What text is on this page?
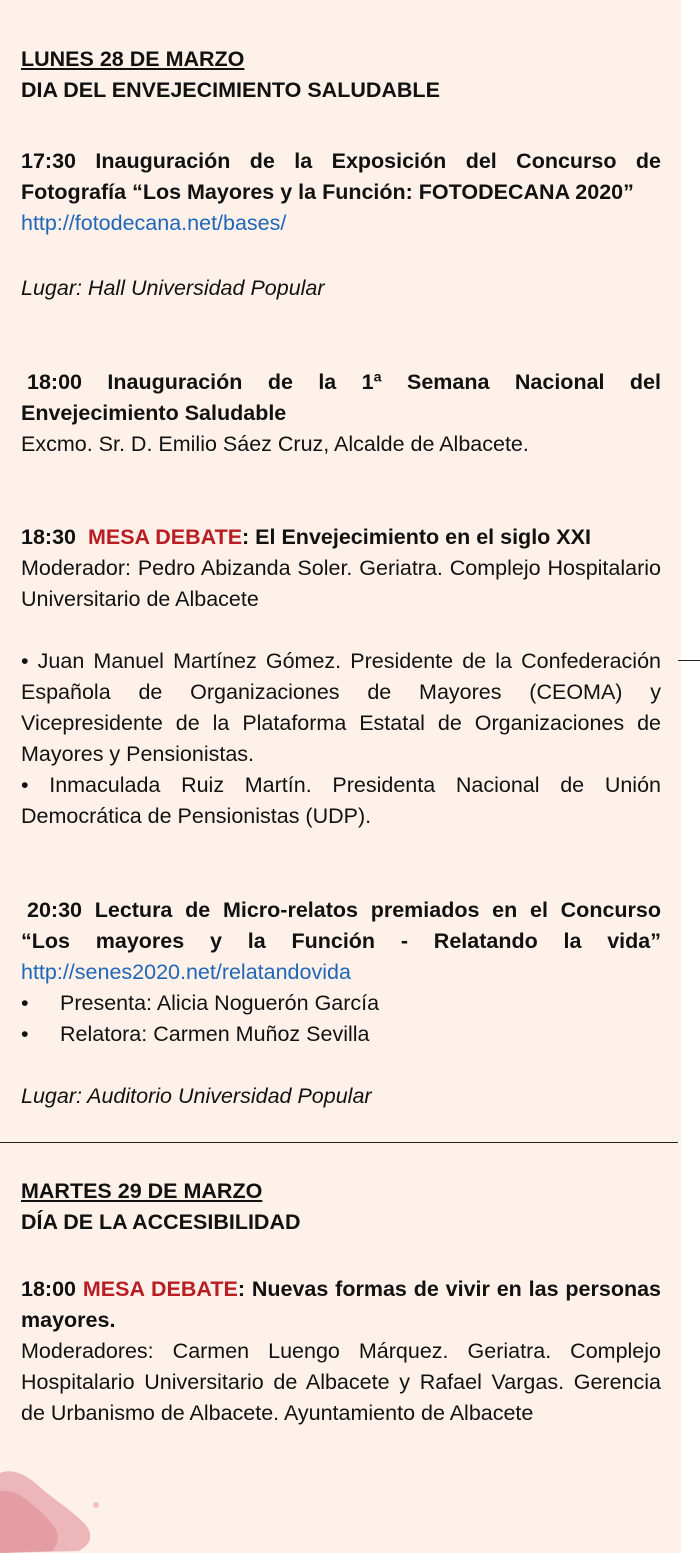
LUNES 28 DE MARZO
DIA DEL ENVEJECIMIENTO SALUDABLE
17:30 Inauguración de la Exposición del Concurso de
Fotografía “Los Mayores y la Función: FOTODECANA 2020”
http://fotodecana.net/bases/
Lugar: Hall Universidad Popular
18:00 Inauguración de la 1ª Semana Nacional del
Envejecimiento Saludable
Excmo. Sr. D. Emilio Sáez Cruz, Alcalde de Albacete.
18:30 MESA DEBATE: El Envejecimiento en el siglo XXI
Moderador: Pedro Abizanda Soler. Geriatra. Complejo Hospitalario Universitario de Albacete
• Juan Manuel Martínez Gómez. Presidente de la Confederación Española de Organizaciones de Mayores (CEOMA) y Vicepresidente de la Plataforma Estatal de Organizaciones de Mayores y Pensionistas.
• Inmaculada Ruiz Martín. Presidenta Nacional de Unión Democrática de Pensionistas (UDP).
20:30 Lectura de Micro-relatos premiados en el Concurso
“Los mayores y la Función - Relatando la vida”
http://senes2020.net/relatandovida
• Presenta: Alicia Noguerón García
• Relatora: Carmen Muñoz Sevilla
Lugar: Auditorio Universidad Popular
MARTES 29 DE MARZO
DÍA DE LA ACCESIBILIDAD
18:00 MESA DEBATE: Nuevas formas de vivir en las personas mayores.
Moderadores: Carmen Luengo Márquez. Geriatra. Complejo Hospitalario Universitario de Albacete y Rafael Vargas. Gerencia de Urbanismo de Albacete. Ayuntamiento de Albacete
